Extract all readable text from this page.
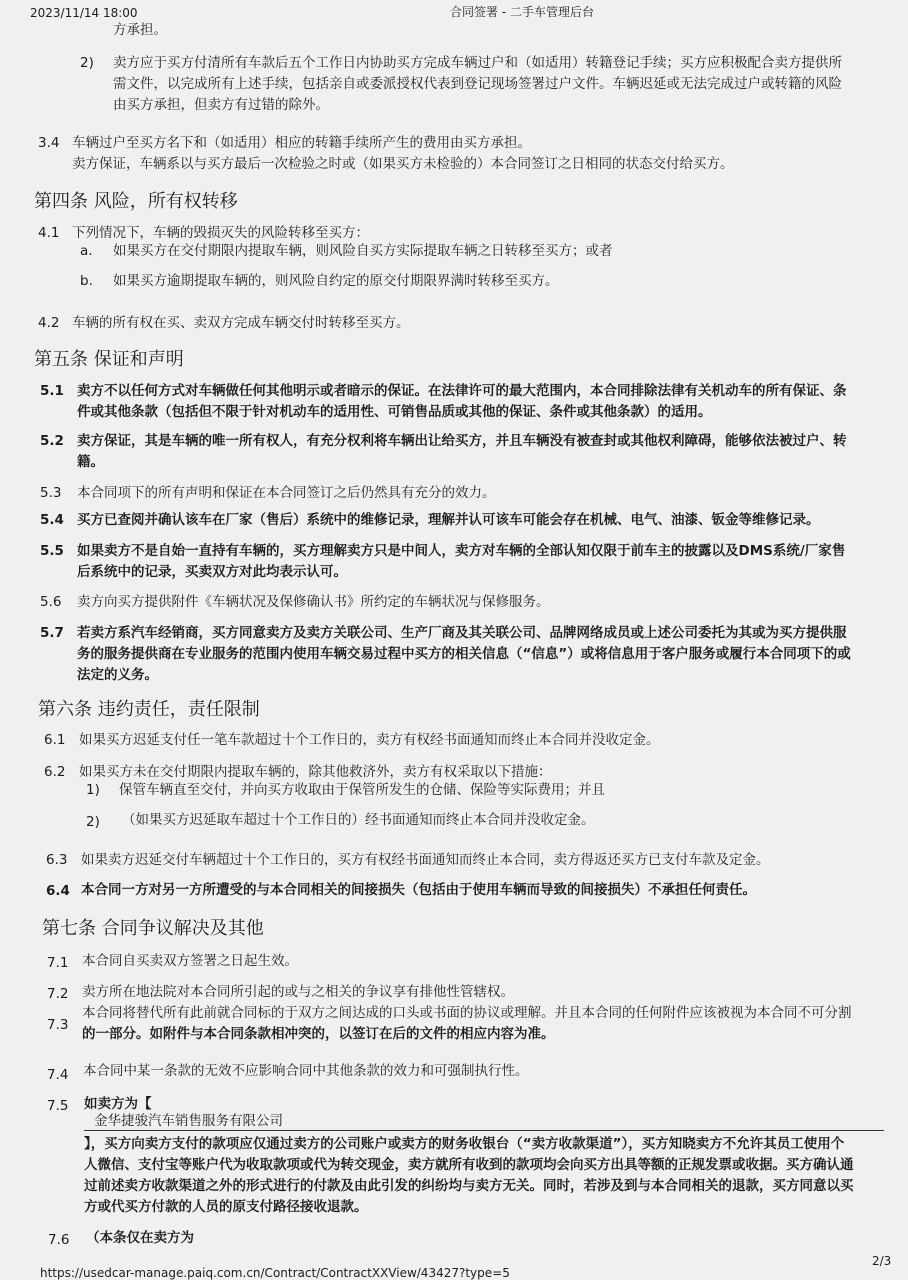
2023/11/14 18:00	合同签署 - 二手车管理后台
方承担。
2) 卖方应于买方付清所有车款后五个工作日内协助买方完成车辆过户和（如适用）转籍登记手续；买方应积极配合卖方提供所
需文件，以完成所有上述手续，包括亲自或委派授权代表到登记现场签署过户文件。车辆迟延或无法完成过户或转籍的风险
由买方承担，但卖方有过错的除外。
3.4 车辆过户至买方名下和（如适用）相应的转籍手续所产生的费用由买方承担。
卖方保证，车辆系以与买方最后一次检验之时或（如果买方未检验的）本合同签订之日相同的状态交付给买方。
第四条 风险，所有权转移
4.1 下列情况下，车辆的毁损灭失的风险转移至买方：
a. 如果买方在交付期限内提取车辆，则风险自买方实际提取车辆之日转移至买方；或者
b. 如果买方逾期提取车辆的，则风险自约定的原交付期限界满时转移至买方。
4.2 车辆的所有权在买、卖双方完成车辆交付时转移至买方。
第五条 保证和声明
5.1 卖方不以任何方式对车辆做任何其他明示或者暗示的保证。在法律许可的最大范围内，本合同排除法律有关机动车的所有保证、条
件或其他条款（包括但不限于针对机动车的适用性、可销售品质或其他的保证、条件或其他条款）的适用。
5.2 卖方保证，其是车辆的唯一所有权人，有充分权利将车辆出让给买方，并且车辆没有被查封或其他权利障碍，能够依法被过户、转
籍。
5.3 本合同项下的所有声明和保证在本合同签订之后仍然具有充分的效力。
5.4 买方已查阅并确认该车在厂家（售后）系统中的维修记录，理解并认可该车可能会存在机械、电气、油漆、钣金等维修记录。
5.5 如果卖方不是自始一直持有车辆的，买方理解卖方只是中间人，卖方对车辆的全部认知仅限于前车主的披露以及DMS系统/厂家售
后系统中的记录，买卖双方对此均表示认可。
5.6 卖方向买方提供附件《车辆状况及保修确认书》所约定的车辆状况与保修服务。
5.7 若卖方系汽车经销商，买方同意卖方及卖方关联公司、生产厂商及其关联公司、品牌网络成员或上述公司委托为其或为买方提供服
务的服务提供商在专业服务的范围内使用车辆交易过程中买方的相关信息（“信息”）或将信息用于客户服务或履行本合同项下的或
法定的义务。
第六条 违约责任，责任限制
6.1 如果买方迟延支付任一笔车款超过十个工作日的，卖方有权经书面通知而终止本合同并没收定金。
6.2 如果买方未在交付期限内提取车辆的，除其他救济外，卖方有权采取以下措施：
1) 保管车辆直至交付，并向买方收取由于保管所发生的仓储、保险等实际费用；并且
2) （如果买方迟延取车超过十个工作日的）经书面通知而终止本合同并没收定金。
6.3 如果卖方迟延交付车辆超过十个工作日的，买方有权经书面通知而终止本合同，卖方得返还买方已支付车款及定金。
6.4 本合同一方对另一方所遭受的与本合同相关的间接损失（包括由于使用车辆而导致的间接损失）不承担任何责任。
第七条 合同争议解决及其他
7.1 本合同自买卖双方签署之日起生效。
7.2 卖方所在地法院对本合同所引起的或与之相关的争议享有排他性管辖权。
7.3
本合同将替代所有此前就合同标的于双方之间达成的口头或书面的协议或理解。并且本合同的任何附件应该被视为本合同不可分割
的一部分。如附件与本合同条款相冲突的，以签订在后的文件的相应内容为准。
7.4 本合同中某一条款的无效不应影响合同中其他条款的效力和可强制执行性。
7.5 如卖方为【
金华捷骏汽车销售服务有限公司
】，买方向卖方支付的款项应仅通过卖方的公司账户或卖方的财务收银台（“卖方收款渠道”），买方知晓卖方不允许其员工使用个
人微信、支付宝等账户代为收取款项或代为转交现金，卖方就所有收到的款项均会向买方出具等额的正规发票或收据。买方确认通
过前述卖方收款渠道之外的形式进行的付款及由此引发的纠纷均与卖方无关。同时，若涉及到与本合同相关的退款，买方同意以买
方或代买方付款的人员的原支付路径接收退款。
7.6 （本条仅在卖方为
2/3
https://usedcar-manage.paiq.com.cn/Contract/ContractXXView/43427?type=5
